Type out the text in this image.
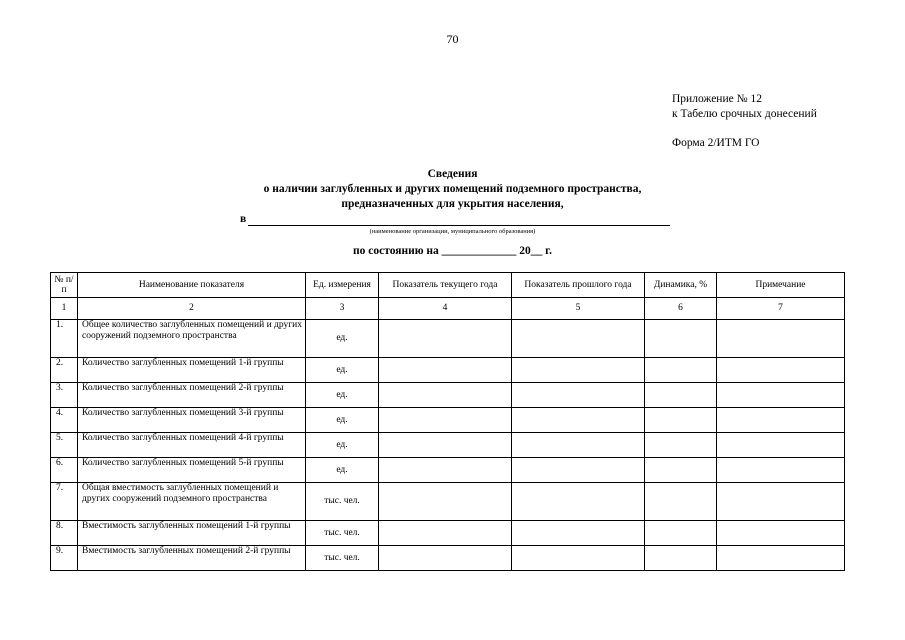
70
Приложение № 12
к Табелю срочных донесений
Форма 2/ИТМ ГО
Сведения
о наличии заглубленных и других помещений подземного пространства,
предназначенных для укрытия населения,
в
(наименование организации, муниципального образования)
по состоянию на _____________ 20__ г.
№ п/п	Наименование показателя	Ед. измерения	Показатель текущего года	Показатель прошлого года	Динамика, %	Примечание
1	2	3	4	5	6	7
1.	Общее количество заглубленных помещений и других сооружений подземного пространства	ед.				
2.	Количество заглубленных помещений 1-й группы	ед.				
3.	Количество заглубленных помещений 2-й группы	ед.				
4.	Количество заглубленных помещений 3-й группы	ед.				
5.	Количество заглубленных помещений 4-й группы	ед.				
6.	Количество заглубленных помещений 5-й группы	ед.				
7.	Общая вместимость заглубленных помещений и других сооружений подземного пространства	тыс. чел.				
8.	Вместимость заглубленных помещений 1-й группы	тыс. чел.				
9.	Вместимость заглубленных помещений 2-й группы	тыс. чел.				
